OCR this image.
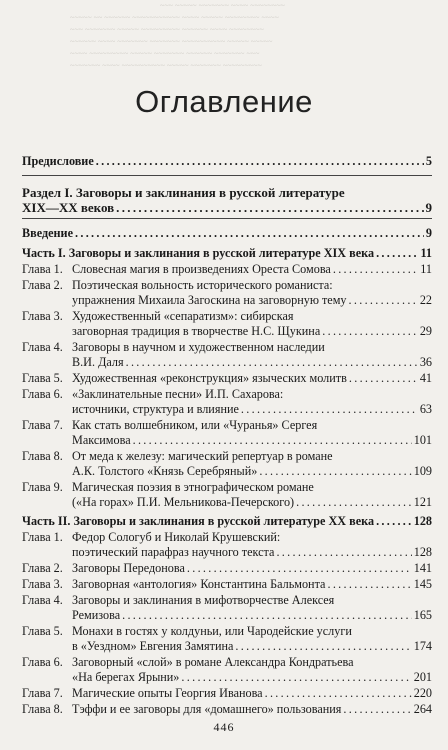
~~~ ~~~~~ ~~~~~~~ ~~~~ ~~~~~~~~
~~~~~ ~~ ~~~~~~ ~~~~~~~~~~~ ~~~~ ~~~~~ ~~~~~~~~ ~~~~
~~~ ~~~~~~~ ~~~~~ ~~~~~~~~~ ~~~~~~ ~~~~ ~~~~~~~~
~~~~~~ ~~~~ ~~~~~~~ ~~~~~~~ ~~~~~~~~~~ ~~~~~ ~~~~~
~~~~ ~~~~~~~~~ ~~~~~ ~~~~~~~ ~~~~~~ ~~~~~~~ ~~~
~~~~~~~ ~~~~ ~~~~~~~~~~ ~~~~~ ~~~~~~~ ~~~~~~~~~
Оглавление
Предисловие .....	5
Раздел I. Заговоры и заклинания в русской литературе
XIX—XX веков .....	9
Введение .....	9
Часть I. Заговоры и заклинания в русской литературе XIX века .....	11
Глава 1. Словесная магия в произведениях Ореста Сомова .....	11
Глава 2. Поэтическая вольность исторического романиста:
упражнения Михаила Загоскина на заговорную тему .....	22
Глава 3. Художественный «сепаратизм»: сибирская
заговорная традиция в творчестве Н.С. Щукина .....	29
Глава 4. Заговоры в научном и художественном наследии
В.И. Даля .....	36
Глава 5. Художественная «реконструкция» языческих молитв .....	41
Глава 6. «Заклинательные песни» И.П. Сахарова:
источники, структура и влияние .....	63
Глава 7. Как стать волшебником, или «Чуранья» Сергея
Максимова .....	101
Глава 8. От меда к железу: магический репертуар в романе
А.К. Толстого «Князь Серебряный» .....	109
Глава 9. Магическая поэзия в этнографическом романе
(«На горах» П.И. Мельникова-Печерского) .....	121
Часть II. Заговоры и заклинания в русской литературе XX века .....	128
Глава 1. Федор Сологуб и Николай Крушевский:
поэтический парафраз научного текста .....	128
Глава 2. Заговоры Передонова .....	141
Глава 3. Заговорная «антология» Константина Бальмонта .....	145
Глава 4. Заговоры и заклинания в мифотворчестве Алексея
Ремизова .....	165
Глава 5. Монахи в гостях у колдуньи, или Чародейские услуги
в «Уездном» Евгения Замятина .....	174
Глава 6. Заговорный «слой» в романе Александра Кондратьева
«На берегах Ярыни» .....	201
Глава 7. Магические опыты Георгия Иванова .....	220
Глава 8. Тэффи и ее заговоры для «домашнего» пользования .....	264
446
